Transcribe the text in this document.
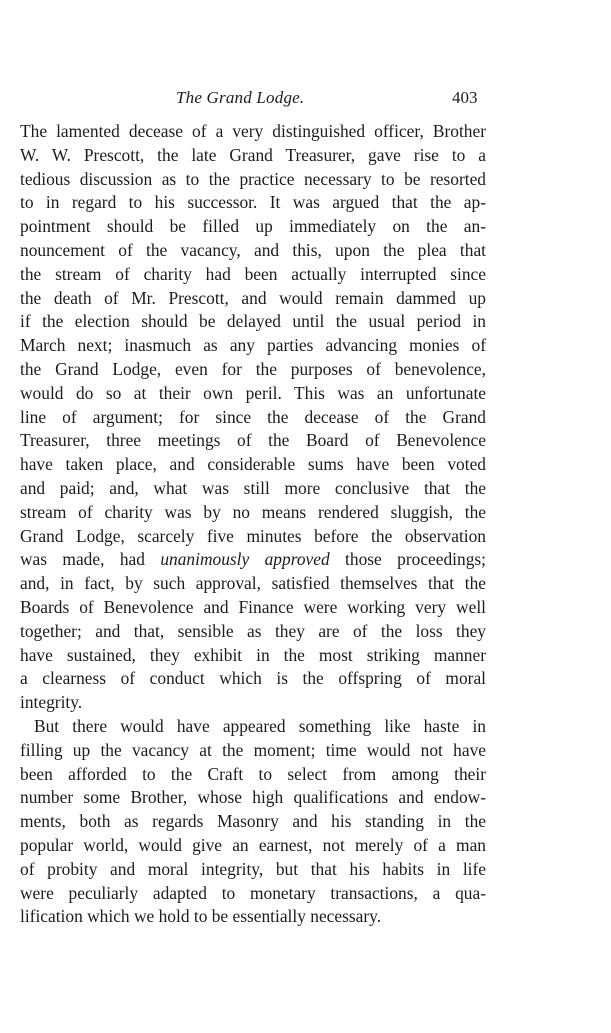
The Grand Lodge.	403
The lamented decease of a very distinguished officer, Brother
W. W. Prescott, the late Grand Treasurer, gave rise to a
tedious discussion as to the practice necessary to be resorted
to in regard to his successor. It was argued that the ap-
pointment should be filled up immediately on the an-
nouncement of the vacancy, and this, upon the plea that
the stream of charity had been actually interrupted since
the death of Mr. Prescott, and would remain dammed up
if the election should be delayed until the usual period in
March next; inasmuch as any parties advancing monies of
the Grand Lodge, even for the purposes of benevolence,
would do so at their own peril. This was an unfortunate
line of argument; for since the decease of the Grand
Treasurer, three meetings of the Board of Benevolence
have taken place, and considerable sums have been voted
and paid; and, what was still more conclusive that the
stream of charity was by no means rendered sluggish, the
Grand Lodge, scarcely five minutes before the observation
was made, had unanimously approved those proceedings;
and, in fact, by such approval, satisfied themselves that the
Boards of Benevolence and Finance were working very well
together; and that, sensible as they are of the loss they
have sustained, they exhibit in the most striking manner
a clearness of conduct which is the offspring of moral
integrity.
But there would have appeared something like haste in
filling up the vacancy at the moment; time would not have
been afforded to the Craft to select from among their
number some Brother, whose high qualifications and endow-
ments, both as regards Masonry and his standing in the
popular world, would give an earnest, not merely of a man
of probity and moral integrity, but that his habits in life
were peculiarly adapted to monetary transactions, a qua-
lification which we hold to be essentially necessary.
